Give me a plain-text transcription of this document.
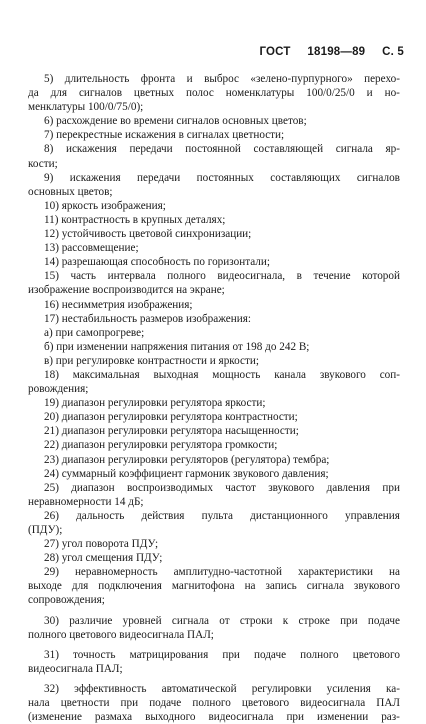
ГОСТ 18198—89 С. 5
5) длительность фронта и выброс «зелено-пурпурного» перехо-
да для сигналов цветных полос номенклатуры 100/0/25/0 и но-
менклатуры 100/0/75/0);
6) расхождение во времени сигналов основных цветов;
7) перекрестные искажения в сигналах цветности;
8) искажения передачи постоянной составляющей сигнала яр-
кости;
9) искажения передачи постоянных составляющих сигналов
основных цветов;
10) яркость изображения;
11) контрастность в крупных деталях;
12) устойчивость цветовой синхронизации;
13) рассовмещение;
14) разрешающая способность по горизонтали;
15) часть интервала полного видеосигнала, в течение которой
изображение воспроизводится на экране;
16) несимметрия изображения;
17) нестабильность размеров изображения:
а) при самопрогреве;
б) при изменении напряжения питания от 198 до 242 В;
в) при регулировке контрастности и яркости;
18) максимальная выходная мощность канала звукового соп-
ровождения;
19) диапазон регулировки регулятора яркости;
20) диапазон регулировки регулятора контрастности;
21) диапазон регулировки регулятора насыщенности;
22) диапазон регулировки регулятора громкости;
23) диапазон регулировки регуляторов (регулятора) тембра;
24) суммарный коэффициент гармоник звукового давления;
25) диапазон воспроизводимых частот звукового давления при
неравномерности 14 дБ;
26) дальность действия пульта дистанционного управления
(ПДУ);
27) угол поворота ПДУ;
28) угол смещения ПДУ;
29) неравномерность амплитудно-частотной характеристики на
выходе для подключения магнитофона на запись сигнала звукового
сопровождения;
30) различие уровней сигнала от строки к строке при подаче
полного цветового видеосигнала ПАЛ;
31) точность матрицирования при подаче полного цветового
видеосигнала ПАЛ;
32) эффективность автоматической регулировки усиления ка-
нала цветности при подаче полного цветового видеосигнала ПАЛ
(изменение размаха выходного видеосигнала при изменении раз-
